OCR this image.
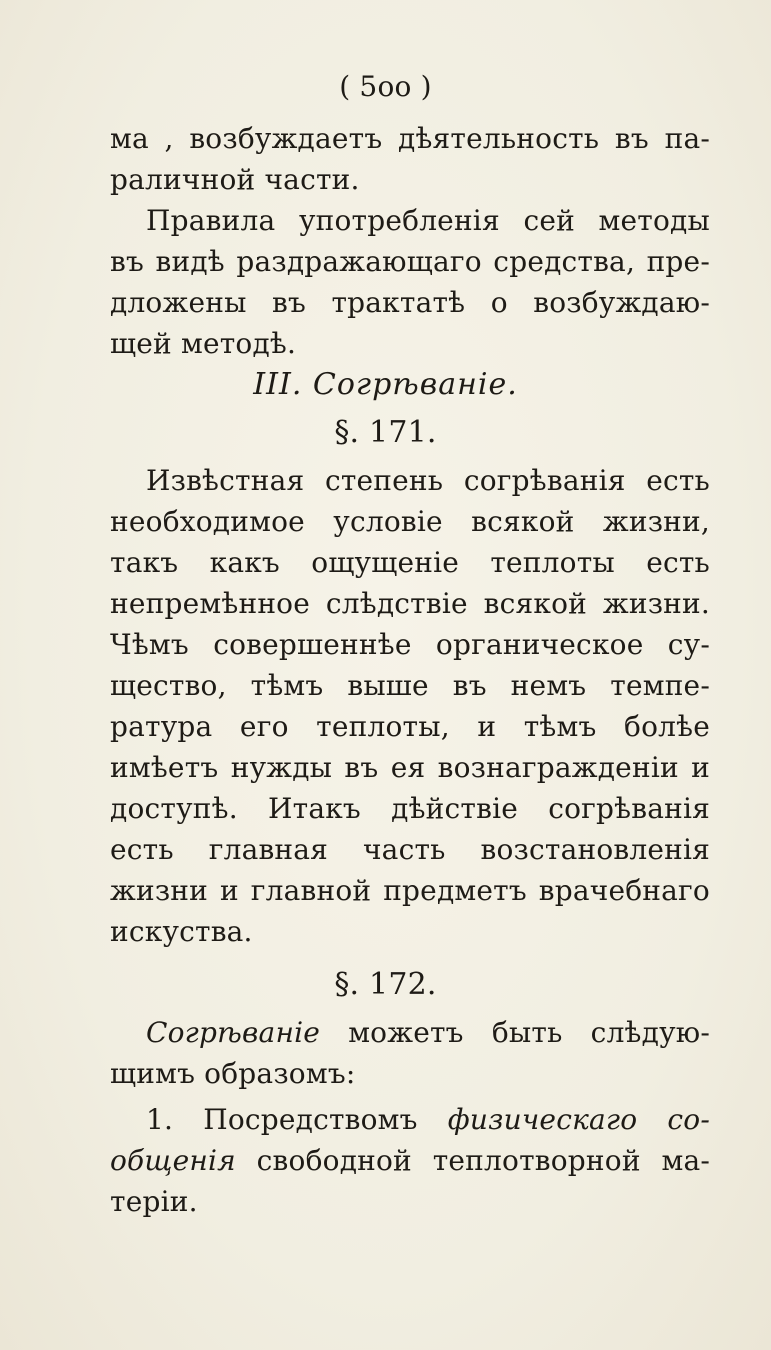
( 5oo )
ма , возбуждаетъ дѣятельность въ па-
раличной части.
Правила употребленія сей методы
въ видѣ раздражающаго средства, пре-
дложены въ трактатѣ о возбуждаю-
щей методѣ.
III. Согрѣваніе.
§. 171.
Извѣстная степень согрѣванія есть
необходимое условіе всякой жизни,
такъ какъ ощущеніе теплоты есть
непремѣнное слѣдствіе всякой жизни.
Чѣмъ совершеннѣе органическое су-
щество, тѣмъ выше въ немъ темпе-
ратура его теплоты, и тѣмъ болѣе
имѣетъ нужды въ ея вознагражденіи и
доступѣ. Итакъ дѣйствіе согрѣванія
есть главная часть возстановленія
жизни и главной предметъ врачебнаго
искуства.
§. 172.
Согрѣваніе можетъ быть слѣдую-
щимъ образомъ:
1. Посредствомъ физическаго со-
общенія свободной теплотворной ма-
теріи.
